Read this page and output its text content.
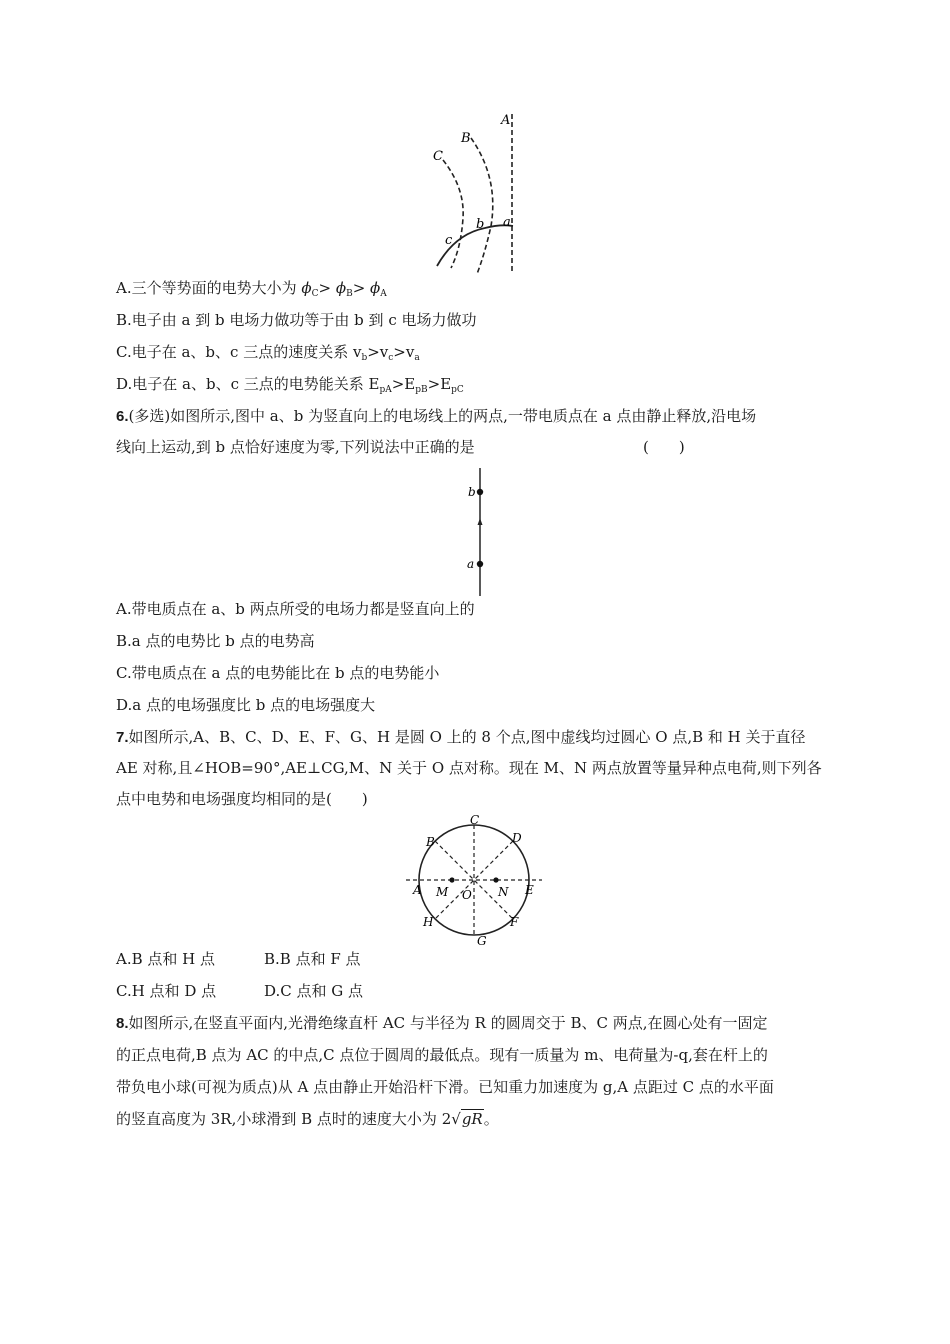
A
B
C
a
b
c
A.三个等势面的电势大小为 $\phi_C> \phi_B> \phi_A$
B.电子由 a 到 b 电场力做功等于由 b 到 c 电场力做功
C.电子在 a、b、c 三点的速度关系 $v_b>v_c>v_a$
D.电子在 a、b、c 三点的电势能关系 $E_{pA}>E_{pB}>E_{pC}$
6.(多选)如图所示,图中 a、b 为竖直向上的电场线上的两点,一带电质点在 a 点由静止释放,沿电场
线向上运动,到 b 点恰好速度为零,下列说法中正确的是	(　　)
b
a
A.带电质点在 a、b 两点所受的电场力都是竖直向上的
B.a 点的电势比 b 点的电势高
C.带电质点在 a 点的电势能比在 b 点的电势能小
D.a 点的电场强度比 b 点的电场强度大
7.如图所示,A、B、C、D、E、F、G、H 是圆 O 上的 8 个点,图中虚线均过圆心 O 点,B 和 H 关于直径
AE 对称,且∠HOB=90°,AE⊥CG,M、N 关于 O 点对称。现在 M、N 两点放置等量异种点电荷,则下列各
点中电势和电场强度均相同的是(　　)
C
D
B
A M O N E
H	F
G
A.B 点和 H 点	B.B 点和 F 点
C.H 点和 D 点	D.C 点和 G 点
8.如图所示,在竖直平面内,光滑绝缘直杆 AC 与半径为 R 的圆周交于 B、C 两点,在圆心处有一固定
的正点电荷,B 点为 AC 的中点,C 点位于圆周的最低点。现有一质量为 m、电荷量为-q,套在杆上的
带负电小球(可视为质点)从 A 点由静止开始沿杆下滑。已知重力加速度为 g,A 点距过 C 点的水平面
的竖直高度为 3R,小球滑到 B 点时的速度大小为 2√gR。
